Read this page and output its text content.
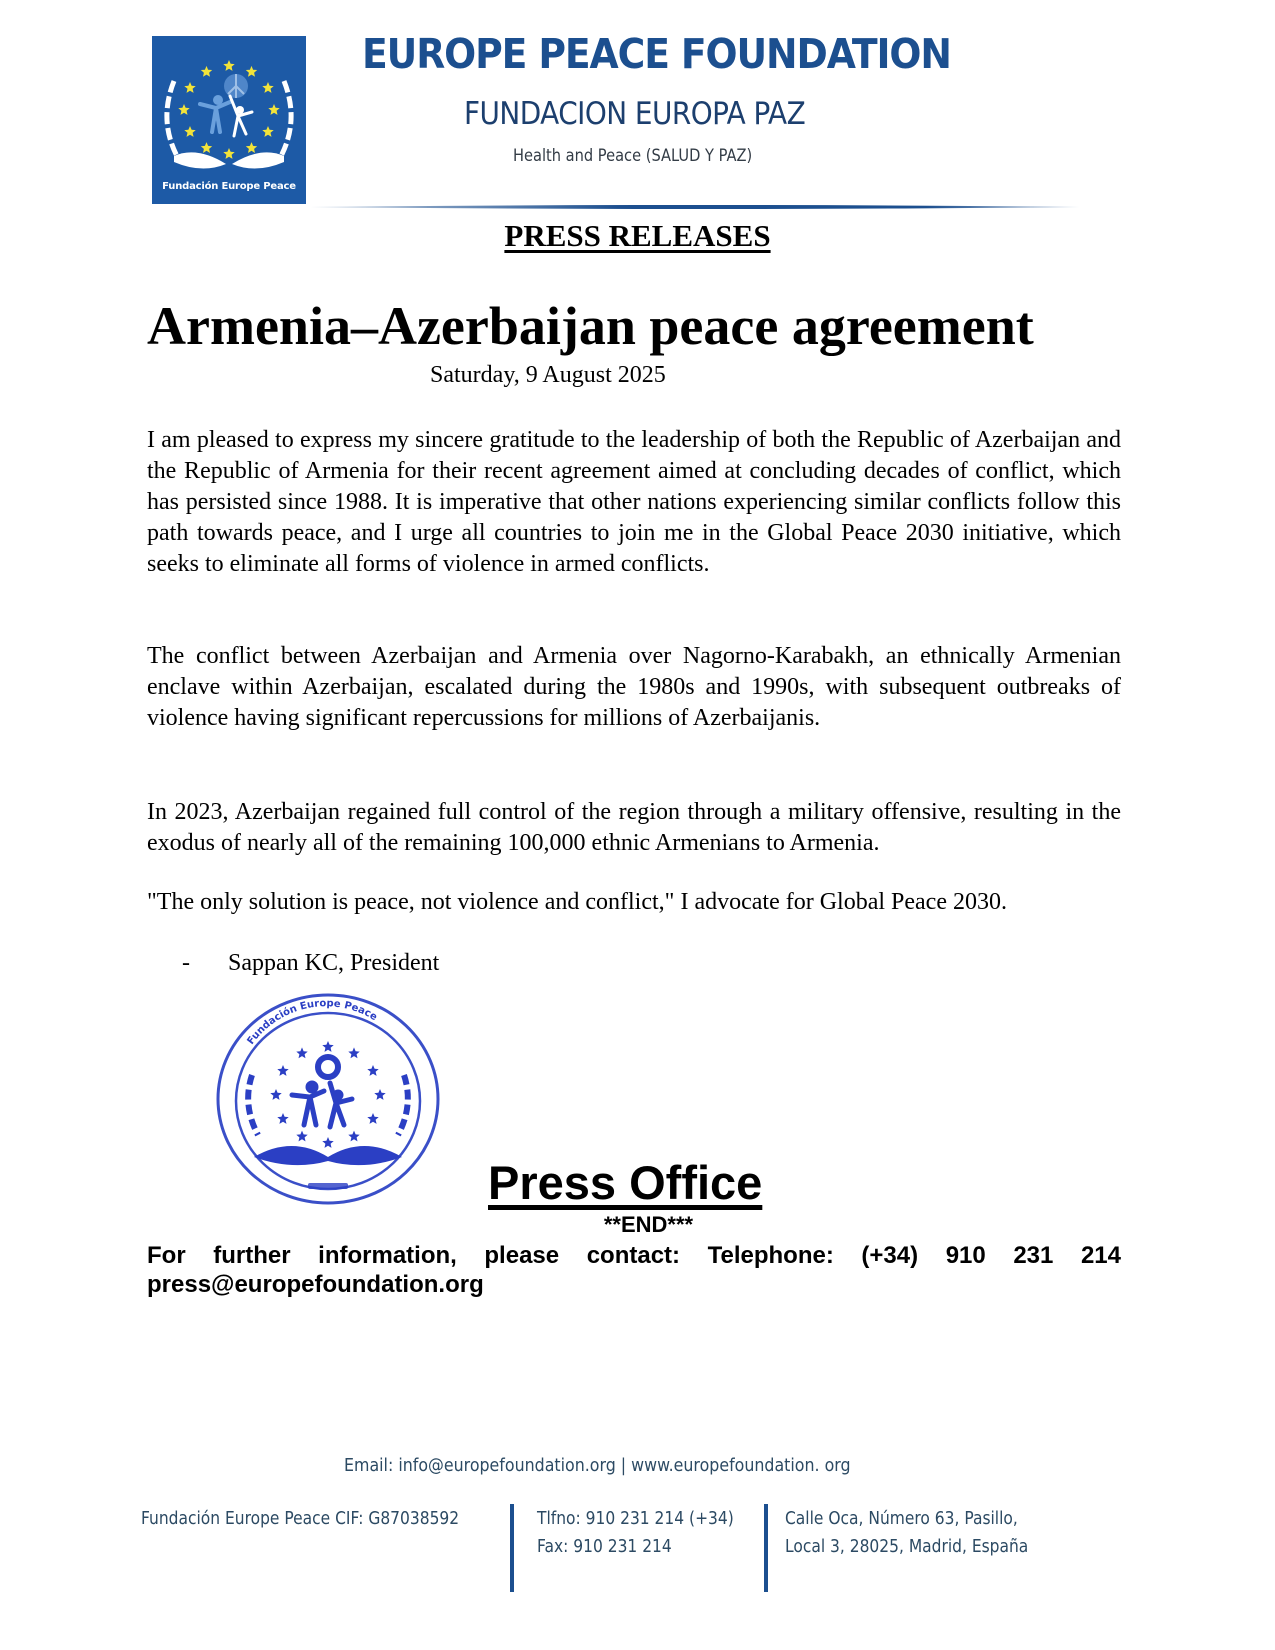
Fundación Europe Peace
EUROPE PEACE FOUNDATION
FUNDACION EUROPA PAZ
Health and Peace (SALUD Y PAZ)
PRESS RELEASES
Armenia–Azerbaijan peace agreement
Saturday, 9 August 2025
I am pleased to express my sincere gratitude to the leadership of both the Republic of Azerbaijan and the Republic of Armenia for their recent agreement aimed at concluding decades of conflict, which has persisted since 1988. It is imperative that other nations experiencing similar conflicts follow this path towards peace, and I urge all countries to join me in the Global Peace 2030 initiative, which seeks to eliminate all forms of violence in armed conflicts.
The conflict between Azerbaijan and Armenia over Nagorno-Karabakh, an ethnically Armenian enclave within Azerbaijan, escalated during the 1980s and 1990s, with subsequent outbreaks of violence having significant repercussions for millions of Azerbaijanis.
In 2023, Azerbaijan regained full control of the region through a military offensive, resulting in the exodus of nearly all of the remaining 100,000 ethnic Armenians to Armenia.
"The only solution is peace, not violence and conflict," I advocate for Global Peace 2030.
- Sappan KC, President
Fundación Europe Peace
Press Office
**END***
For further information, please contact: Telephone: (+34) 910 231 214
press@europefoundation.org
Email: info@europefoundation.org | www.europefoundation. org
Fundación Europe Peace CIF: G87038592	Tlfno: 910 231 214 (+34)
Fax: 910 231 214
Calle Oca, Número 63, Pasillo,
Local 3, 28025, Madrid, España
